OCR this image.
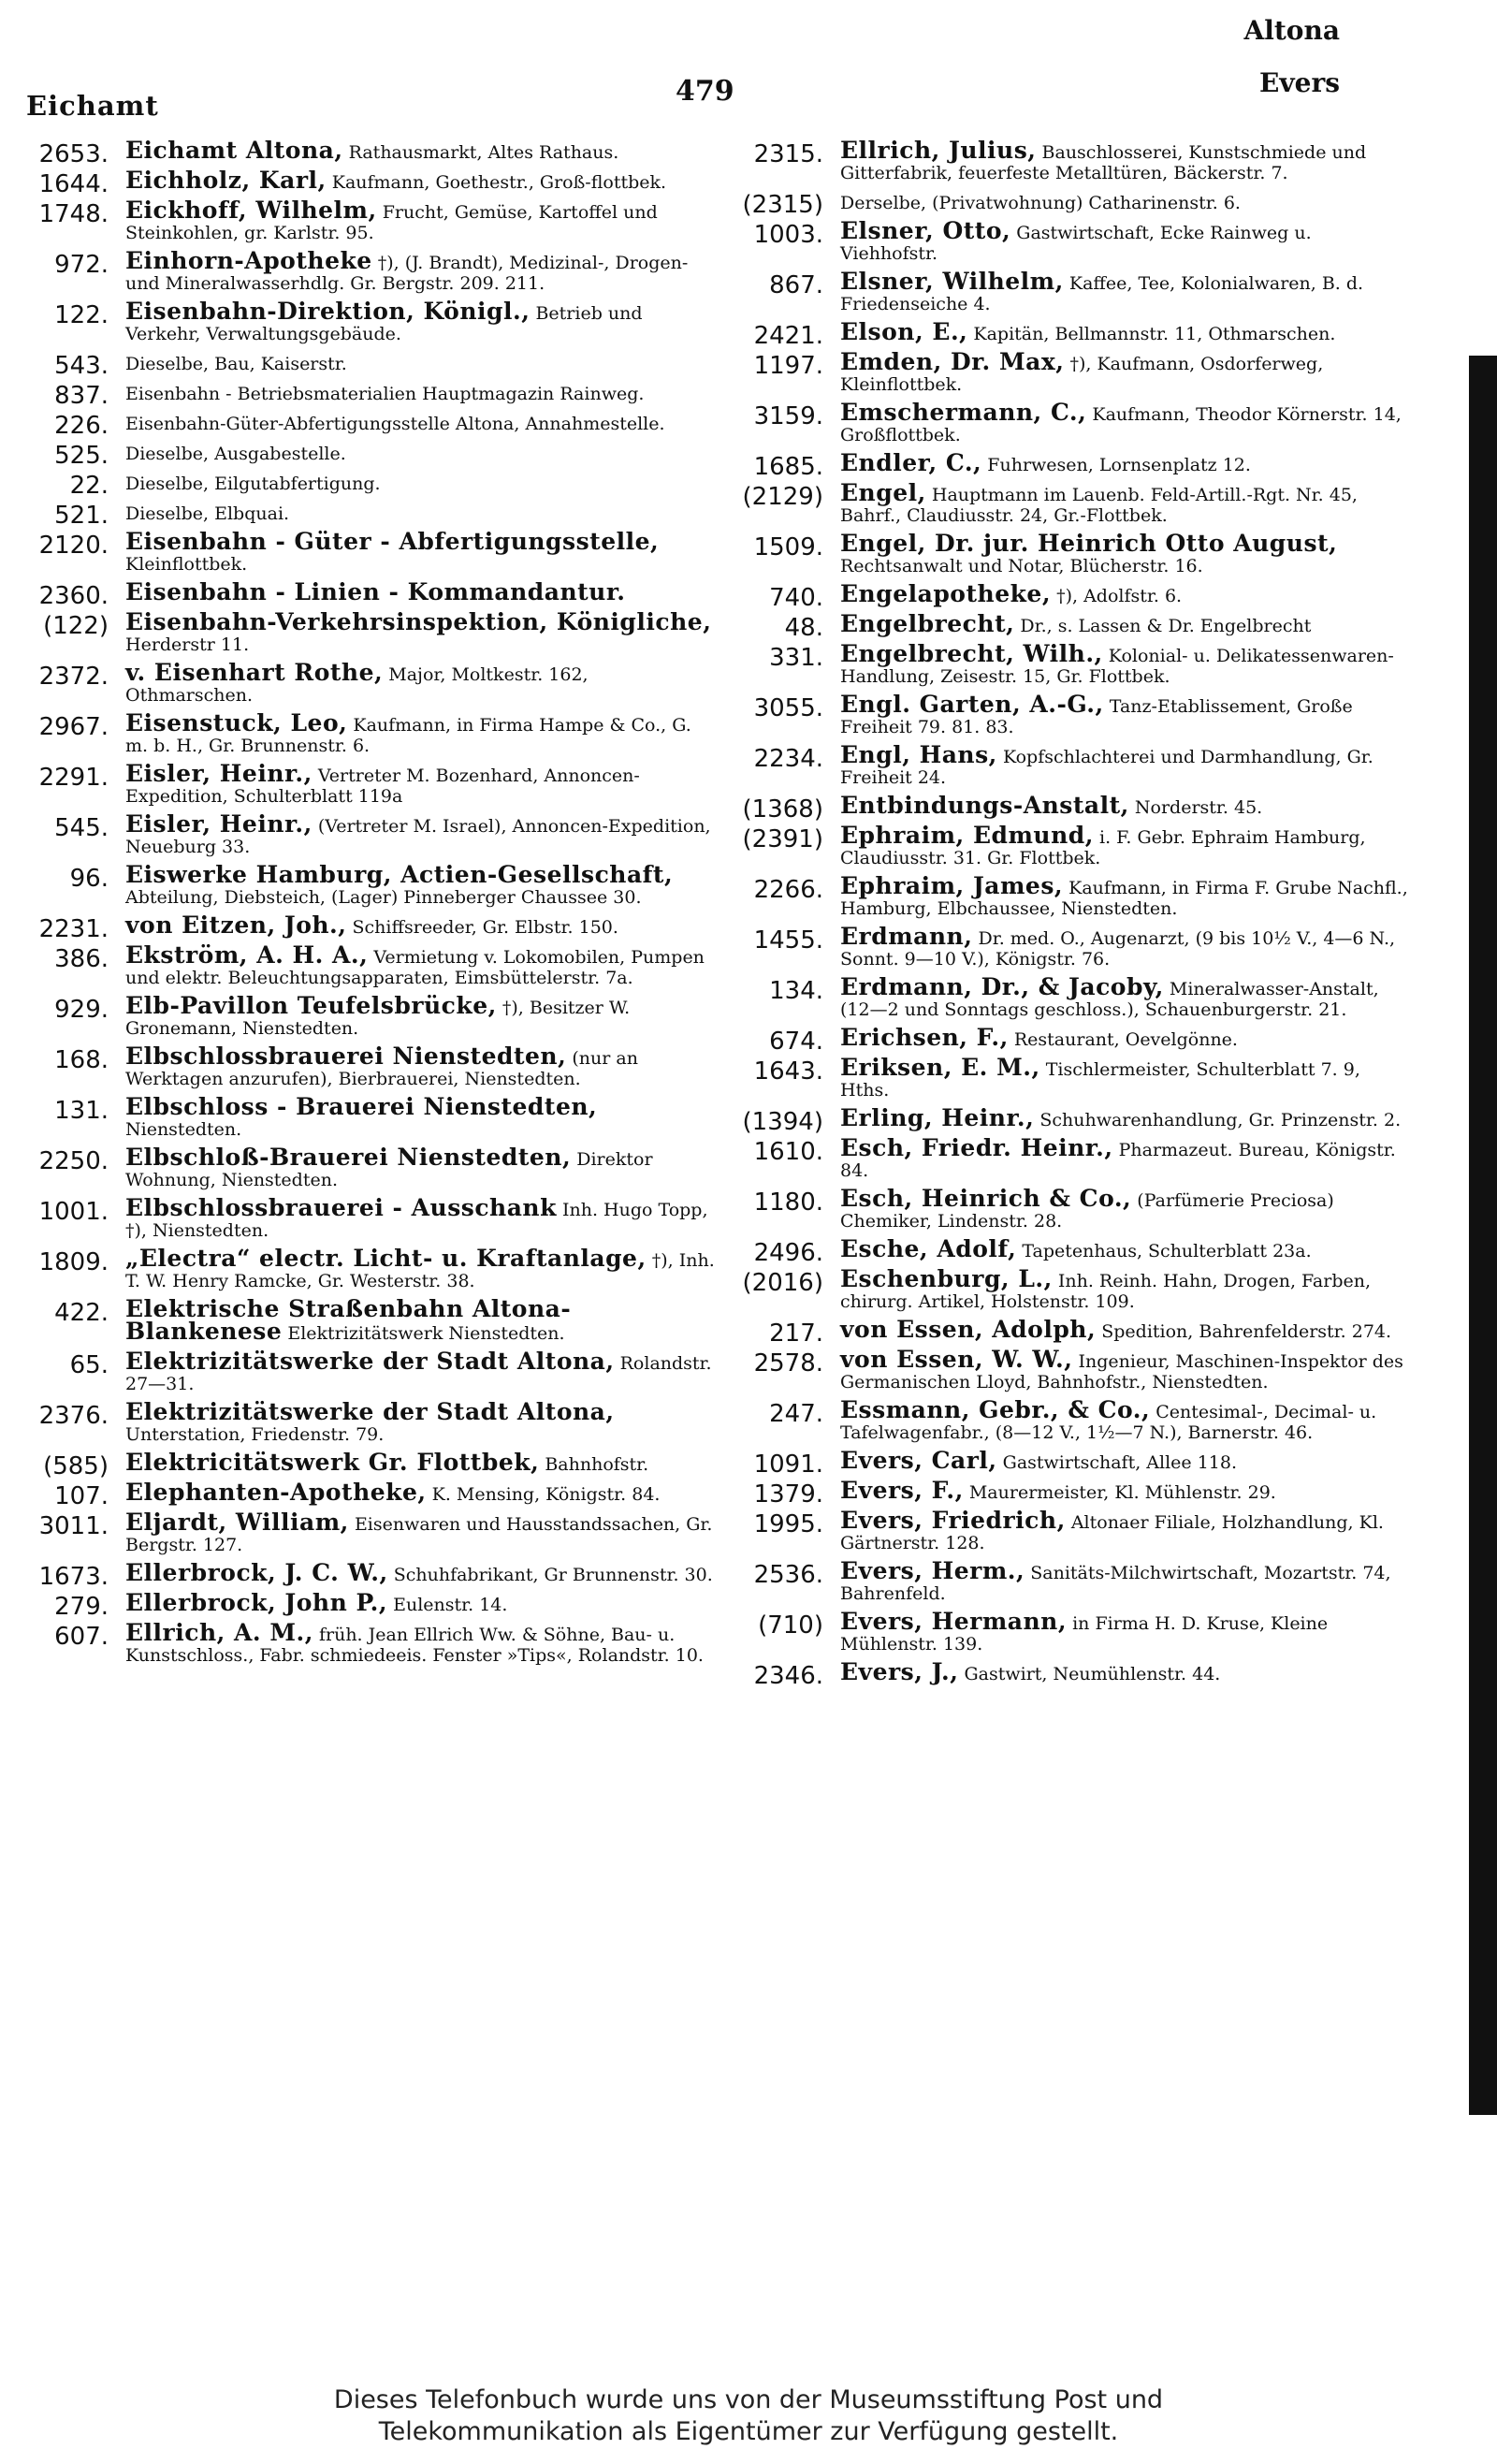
Eichamt	479
Altona
Evers
2653. Eichamt Altona, Rathausmarkt, Altes Rathaus.
1644. Eichholz, Karl, Kaufmann, Goethestr., Groß-flottbek.
1748. Eickhoff, Wilhelm, Frucht, Gemüse, Kartoffel und Steinkohlen, gr. Karlstr. 95.
972. Einhorn-Apotheke †), (J. Brandt), Medizinal-, Drogen- und Mineralwasserhdlg. Gr. Bergstr. 209. 211.
122. Eisenbahn-Direktion, Königl., Betrieb und Verkehr, Verwaltungsgebäude.
543. Dieselbe, Bau, Kaiserstr.
837. Eisenbahn - Betriebsmaterialien Hauptmagazin Rainweg.
226. Eisenbahn-Güter-Abfertigungsstelle Altona, Annahmestelle.
525. Dieselbe, Ausgabestelle.
22. Dieselbe, Eilgutabfertigung.
521. Dieselbe, Elbquai.
2120. Eisenbahn - Güter - Abfertigungsstelle, Kleinflottbek.
2360. Eisenbahn - Linien - Kommandantur.
(122) Eisenbahn-Verkehrsinspektion, Königliche, Herderstr 11.
2372. v. Eisenhart Rothe, Major, Moltkestr. 162, Othmarschen.
2967. Eisenstuck, Leo, Kaufmann, in Firma Hampe & Co., G. m. b. H., Gr. Brunnenstr. 6.
2291. Eisler, Heinr., Vertreter M. Bozenhard, Annoncen-Expedition, Schulterblatt 119a
545. Eisler, Heinr., (Vertreter M. Israel), Annoncen-Expedition, Neueburg 33.
96. Eiswerke Hamburg, Actien-Gesellschaft, Abteilung, Diebsteich, (Lager) Pinneberger Chaussee 30.
2231. von Eitzen, Joh., Schiffsreeder, Gr. Elbstr. 150.
386. Ekström, A. H. A., Vermietung v. Lokomobilen, Pumpen und elektr. Beleuchtungsapparaten, Eimsbüttelerstr. 7a.
929. Elb-Pavillon Teufelsbrücke, †), Besitzer W. Gronemann, Nienstedten.
168. Elbschlossbrauerei Nienstedten, (nur an Werktagen anzurufen), Bierbrauerei, Nienstedten.
131. Elbschloss - Brauerei Nienstedten, Nienstedten.
2250. Elbschloß-Brauerei Nienstedten, Direktor Wohnung, Nienstedten.
1001. Elbschlossbrauerei - Ausschank Inh. Hugo Topp, †), Nienstedten.
1809. „Electra“ electr. Licht- u. Kraftanlage, †), Inh. T. W. Henry Ramcke, Gr. Westerstr. 38.
422. Elektrische Straßenbahn Altona-Blankenese Elektrizitätswerk Nienstedten.
65. Elektrizitätswerke der Stadt Altona, Rolandstr. 27—31.
2376. Elektrizitätswerke der Stadt Altona, Unterstation, Friedenstr. 79.
(585) Elektricitätswerk Gr. Flottbek, Bahnhofstr.
107. Elephanten-Apotheke, K. Mensing, Königstr. 84.
3011. Eljardt, William, Eisenwaren und Hausstandssachen, Gr. Bergstr. 127.
1673. Ellerbrock, J. C. W., Schuhfabrikant, Gr Brunnenstr. 30.
279. Ellerbrock, John P., Eulenstr. 14.
607. Ellrich, A. M., früh. Jean Ellrich Ww. & Söhne, Bau- u. Kunstschloss., Fabr. schmiedeeis. Fenster »Tips«, Rolandstr. 10.
2315. Ellrich, Julius, Bauschlosserei, Kunstschmiede und Gitterfabrik, feuerfeste Metalltüren, Bäckerstr. 7.
(2315) Derselbe, (Privatwohnung) Catharinenstr. 6.
1003. Elsner, Otto, Gastwirtschaft, Ecke Rainweg u. Viehhofstr.
867. Elsner, Wilhelm, Kaffee, Tee, Kolonialwaren, B. d. Friedenseiche 4.
2421. Elson, E., Kapitän, Bellmannstr. 11, Othmarschen.
1197. Emden, Dr. Max, †), Kaufmann, Osdorferweg, Kleinflottbek.
3159. Emschermann, C., Kaufmann, Theodor Körnerstr. 14, Großflottbek.
1685. Endler, C., Fuhrwesen, Lornsenplatz 12.
(2129) Engel, Hauptmann im Lauenb. Feld-Artill.-Rgt. Nr. 45, Bahrf., Claudiusstr. 24, Gr.-Flottbek.
1509. Engel, Dr. jur. Heinrich Otto August, Rechtsanwalt und Notar, Blücherstr. 16.
740. Engelapotheke, †), Adolfstr. 6.
48. Engelbrecht, Dr., s. Lassen & Dr. Engelbrecht
331. Engelbrecht, Wilh., Kolonial- u. Delikatessenwaren-Handlung, Zeisestr. 15, Gr. Flottbek.
3055. Engl. Garten, A.-G., Tanz-Etablissement, Große Freiheit 79. 81. 83.
2234. Engl, Hans, Kopfschlachterei und Darmhandlung, Gr. Freiheit 24.
(1368) Entbindungs-Anstalt, Norderstr. 45.
(2391) Ephraim, Edmund, i. F. Gebr. Ephraim Hamburg, Claudiusstr. 31. Gr. Flottbek.
2266. Ephraim, James, Kaufmann, in Firma F. Grube Nachfl., Hamburg, Elbchaussee, Nienstedten.
1455. Erdmann, Dr. med. O., Augenarzt, (9 bis 10½ V., 4—6 N., Sonnt. 9—10 V.), Königstr. 76.
134. Erdmann, Dr., & Jacoby, Mineralwasser-Anstalt, (12—2 und Sonntags geschloss.), Schauenburgerstr. 21.
674. Erichsen, F., Restaurant, Oevelgönne.
1643. Eriksen, E. M., Tischlermeister, Schulterblatt 7. 9, Hths.
(1394) Erling, Heinr., Schuhwarenhandlung, Gr. Prinzenstr. 2.
1610. Esch, Friedr. Heinr., Pharmazeut. Bureau, Königstr. 84.
1180. Esch, Heinrich & Co., (Parfümerie Preciosa) Chemiker, Lindenstr. 28.
2496. Esche, Adolf, Tapetenhaus, Schulterblatt 23a.
(2016) Eschenburg, L., Inh. Reinh. Hahn, Drogen, Farben, chirurg. Artikel, Holstenstr. 109.
217. von Essen, Adolph, Spedition, Bahrenfelderstr. 274.
2578. von Essen, W. W., Ingenieur, Maschinen-Inspektor des Germanischen Lloyd, Bahnhofstr., Nienstedten.
247. Essmann, Gebr., & Co., Centesimal-, Decimal- u. Tafelwagenfabr., (8—12 V., 1½—7 N.), Barnerstr. 46.
1091. Evers, Carl, Gastwirtschaft, Allee 118.
1379. Evers, F., Maurermeister, Kl. Mühlenstr. 29.
1995. Evers, Friedrich, Altonaer Filiale, Holzhandlung, Kl. Gärtnerstr. 128.
2536. Evers, Herm., Sanitäts-Milchwirtschaft, Mozartstr. 74, Bahrenfeld.
(710) Evers, Hermann, in Firma H. D. Kruse, Kleine Mühlenstr. 139.
2346. Evers, J., Gastwirt, Neumühlenstr. 44.
Dieses Telefonbuch wurde uns von der Museumsstiftung Post und
Telekommunikation als Eigentümer zur Verfügung gestellt.
